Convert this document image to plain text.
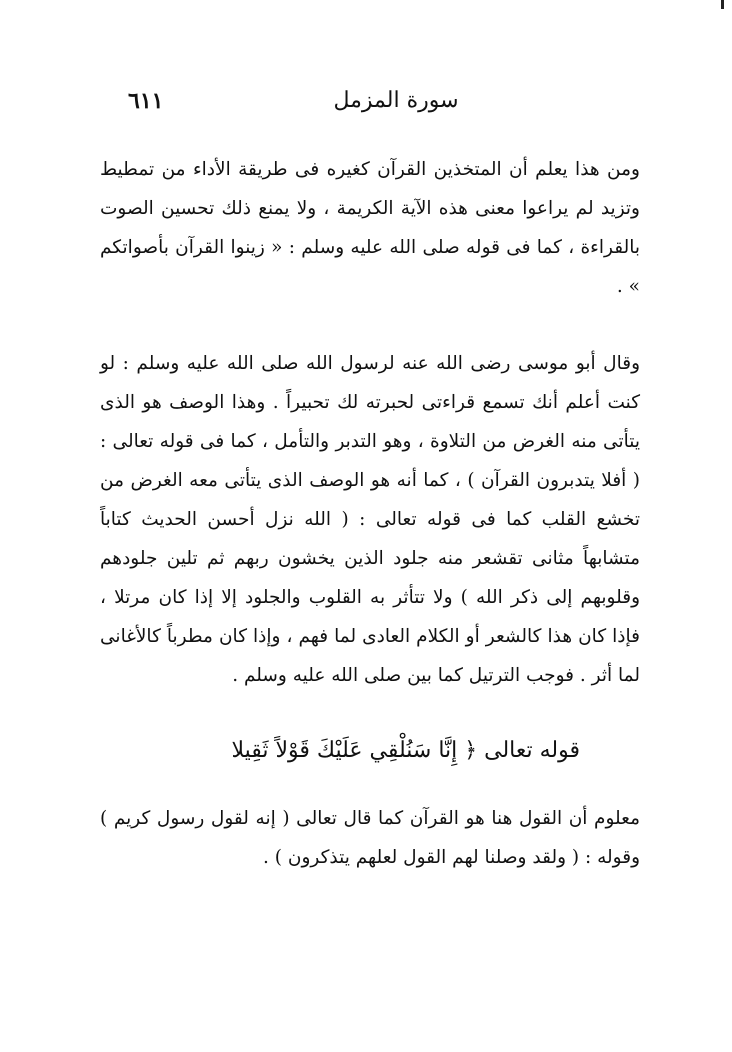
سورة المزمل
٦١١

ومن هذا يعلم أن المتخذين القرآن كغيره فى طريقة الأداء من تمطيط وتزيد لم يراعوا معنى هذه الآية الكريمة ، ولا يمنع ذلك تحسين الصوت بالقراءة ، كما فى قوله صلى الله عليه وسلم : « زينوا القرآن بأصواتكم » .

وقال أبو موسى رضى الله عنه لرسول الله صلى الله عليه وسلم : لو كنت أعلم أنك تسمع قراءتى لحبرته لك تحبيراً . وهذا الوصف هو الذى يتأتى منه الغرض من التلاوة ، وهو التدبر والتأمل ، كما فى قوله تعالى : ( أفلا يتدبرون القرآن ) ، كما أنه هو الوصف الذى يتأتى معه الغرض من تخشع القلب كما فى قوله تعالى : ( الله نزل أحسن الحديث كتاباً متشابهاً مثانى تقشعر منه جلود الذين يخشون ربهم ثم تلين جلودهم وقلوبهم إلى ذكر الله ) ولا تتأثر به القلوب والجلود إلا إذا كان مرتلا ، فإذا كان هذا كالشعر أو الكلام العادى لما فهم ، وإذا كان مطرباً كالأغانى لما أثر . فوجب الترتيل كما بين صلى الله عليه وسلم .

قوله تعالى ﴿ إِنَّا سَنُلْقِي عَلَيْكَ قَوْلاً ثَقِيلا

معلوم أن القول هنا هو القرآن كما قال تعالى ( إنه لقول رسول كريم ) وقوله : ( ولقد وصلنا لهم القول لعلهم يتذكرون ) .
